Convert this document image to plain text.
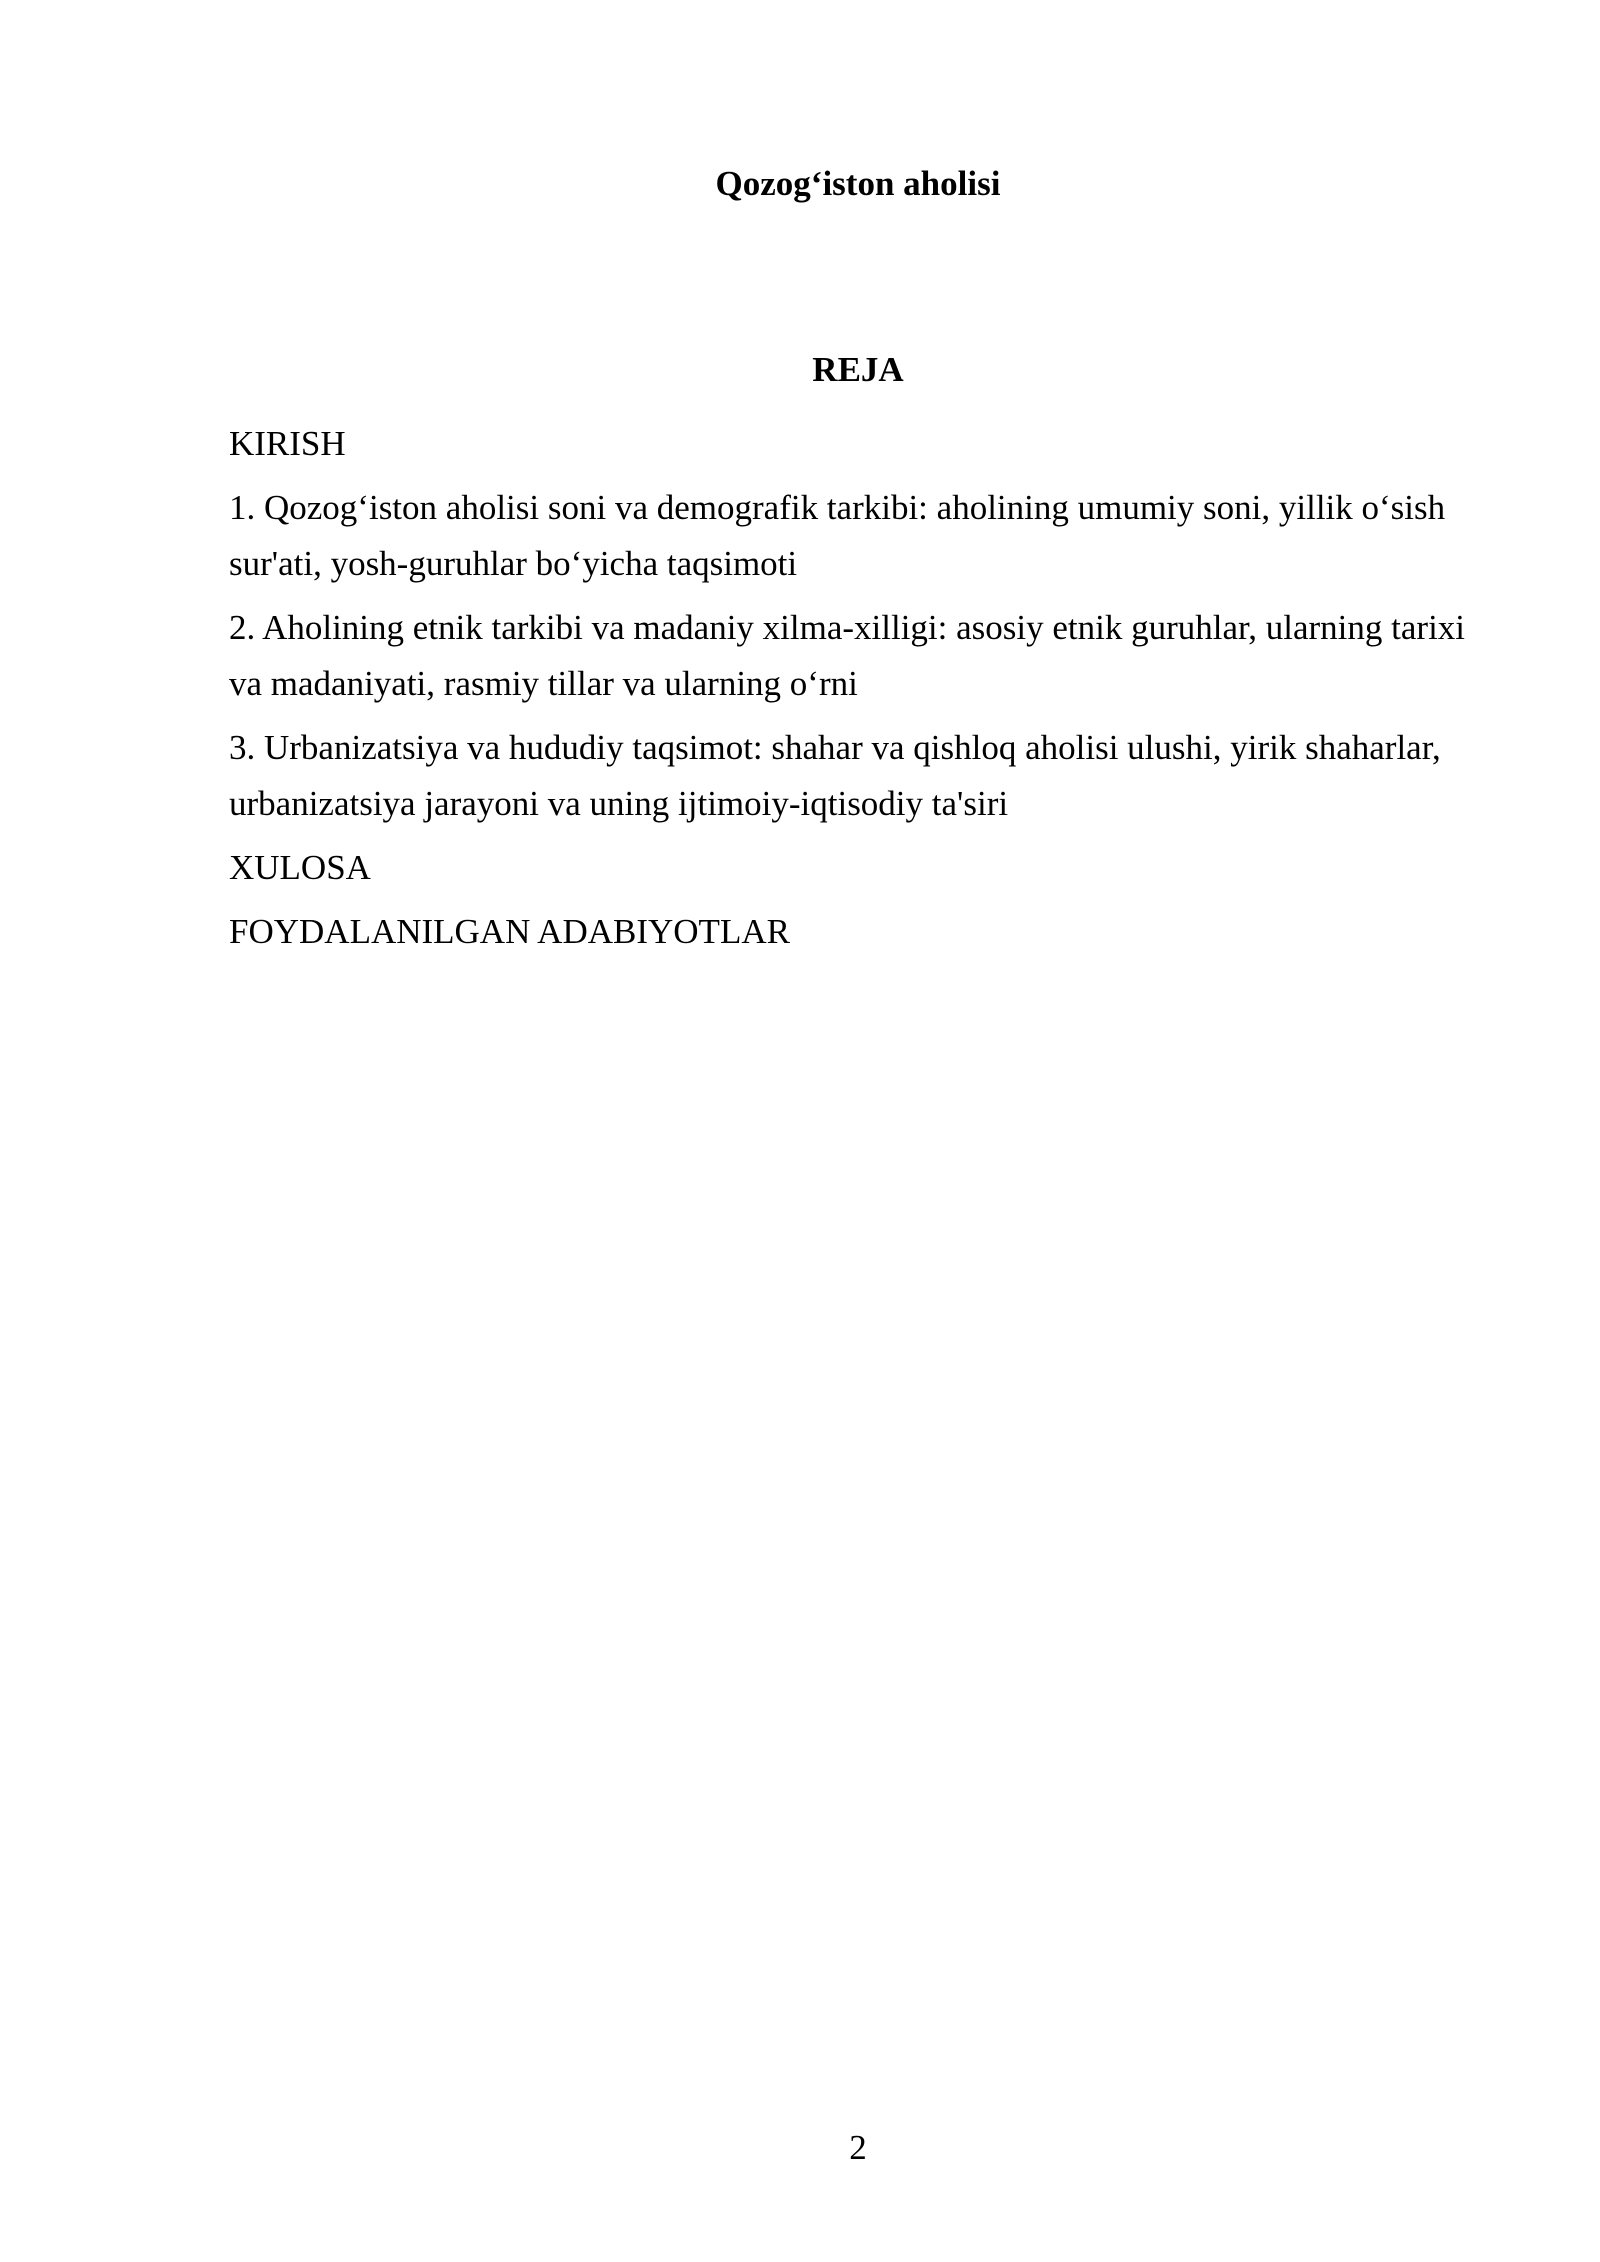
Qozog‘iston aholisi
REJA
KIRISH
1. Qozog‘iston aholisi soni va demografik tarkibi: aholining umumiy soni, yillik o‘sish sur'ati, yosh-guruhlar bo‘yicha taqsimoti
2. Aholining etnik tarkibi va madaniy xilma-xilligi: asosiy etnik guruhlar, ularning tarixi va madaniyati, rasmiy tillar va ularning o‘rni
3. Urbanizatsiya va hududiy taqsimot: shahar va qishloq aholisi ulushi, yirik shaharlar, urbanizatsiya jarayoni va uning ijtimoiy-iqtisodiy ta'siri
XULOSA
FOYDALANILGAN ADABIYOTLAR
2
